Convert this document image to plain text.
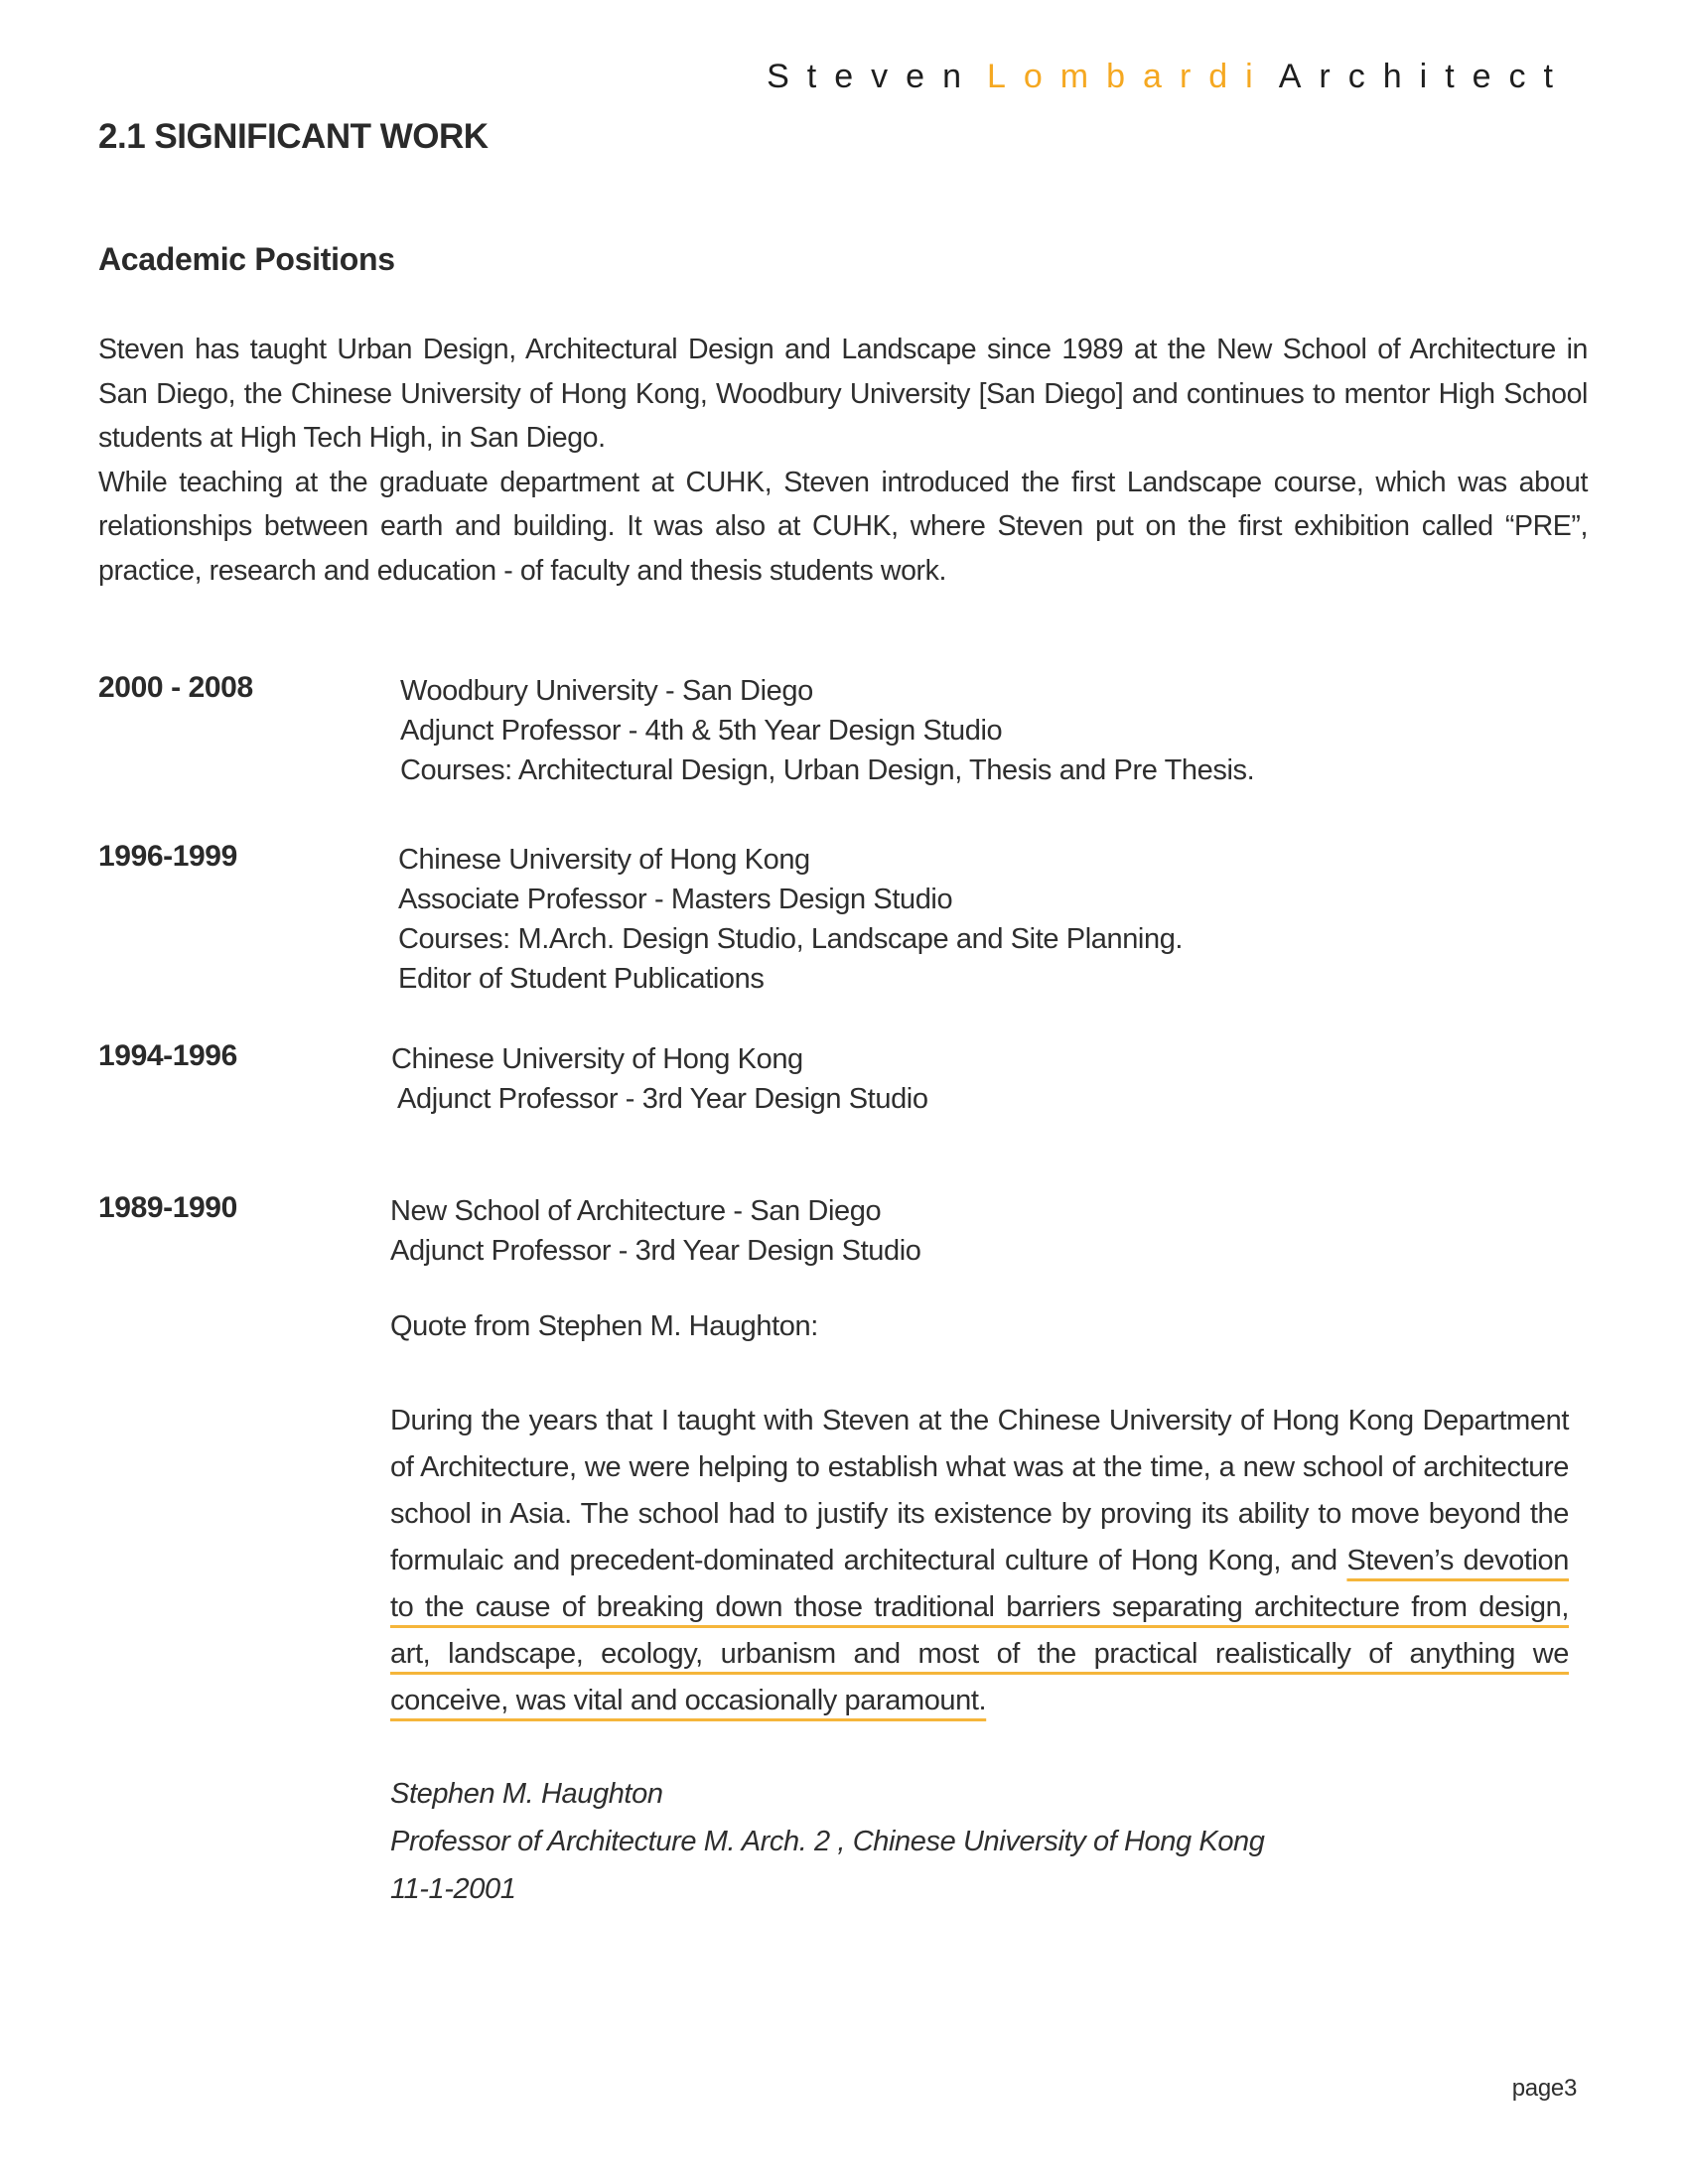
Steven Lombardi Architect
2.1 SIGNIFICANT WORK
Academic Positions

Steven has taught Urban Design, Architectural Design and Landscape since 1989 at the New School of Architecture in San Diego, the Chinese University of Hong Kong, Woodbury University [San Diego] and continues to mentor High School students at High Tech High, in San Diego.

While teaching at the graduate department at CUHK, Steven introduced the first Landscape course, which was about relationships between earth and building. It was also at CUHK, where Steven put on the first exhibition called “PRE”, practice, research and education - of faculty and thesis students work.

2000 - 2008	Woodbury University - San Diego
Adjunct Professor - 4th & 5th Year Design Studio
Courses: Architectural Design, Urban Design, Thesis and Pre Thesis.
1996-1999	Chinese University of Hong Kong
Associate Professor - Masters Design Studio
Courses: M.Arch. Design Studio, Landscape and Site Planning.
Editor of Student Publications
1994-1996	Chinese University of Hong Kong
Adjunct Professor - 3rd Year Design Studio
1989-1990	New School of Architecture - San Diego
Adjunct Professor - 3rd Year Design Studio
Quote from Stephen M. Haughton:
During the years that I taught with Steven at the Chinese University of Hong Kong Department of Architecture, we were helping to establish what was at the time, a new school of architecture school in Asia. The school had to justify its existence by proving its ability to move beyond the formulaic and precedent-dominated architectural culture of Hong Kong, and Steven’s devotion to the cause of breaking down those traditional barriers separating architecture from design, art, landscape, ecology, urbanism and most of the practical realistically of anything we conceive, was vital and occasionally paramount.
Stephen M. Haughton
Professor of Architecture M. Arch. 2 , Chinese University of Hong Kong
11-1-2001
page3
